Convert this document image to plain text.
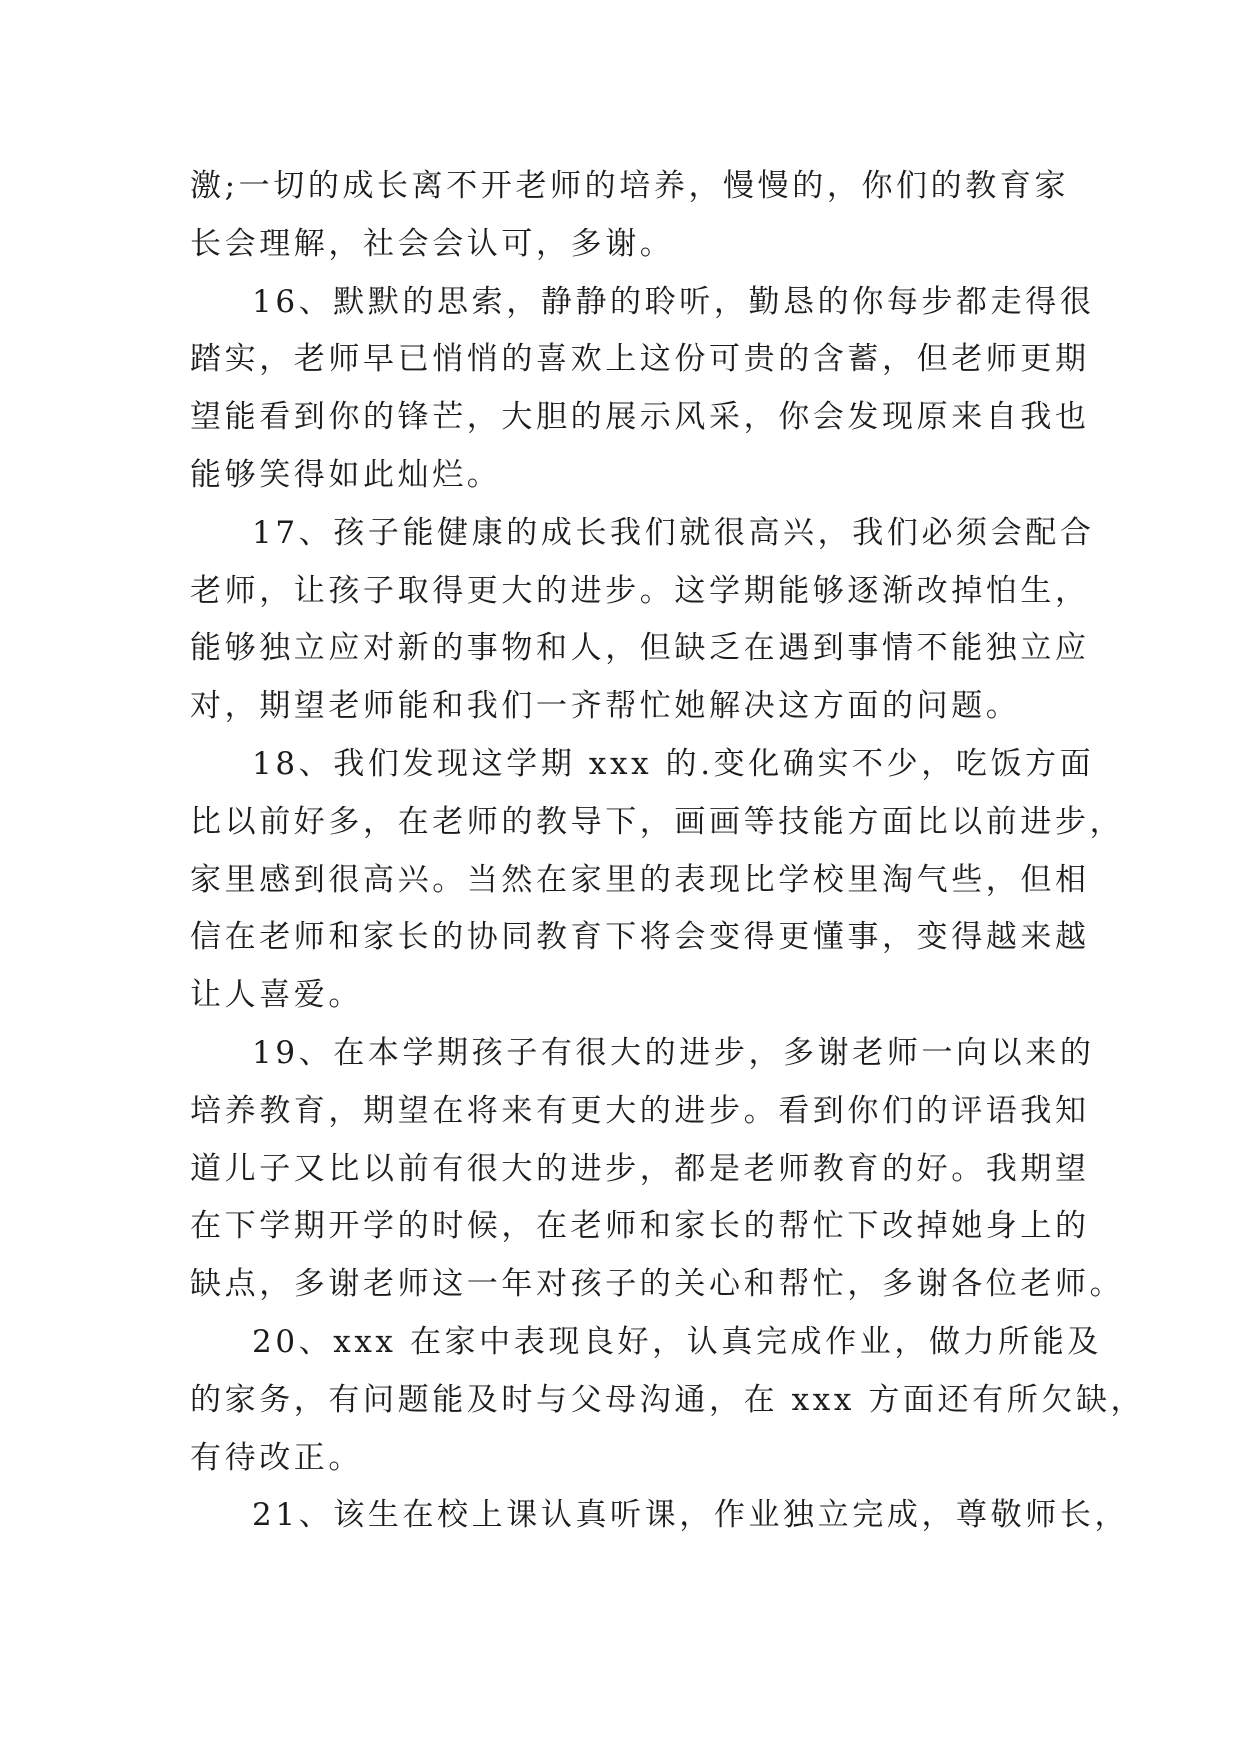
激;一切的成长离不开老师的培养，慢慢的，你们的教育家
长会理解，社会会认可，多谢。
16、默默的思索，静静的聆听，勤恳的你每步都走得很
踏实，老师早已悄悄的喜欢上这份可贵的含蓄，但老师更期
望能看到你的锋芒，大胆的展示风采，你会发现原来自我也
能够笑得如此灿烂。
17、孩子能健康的成长我们就很高兴，我们必须会配合
老师，让孩子取得更大的进步。这学期能够逐渐改掉怕生，
能够独立应对新的事物和人，但缺乏在遇到事情不能独立应
对，期望老师能和我们一齐帮忙她解决这方面的问题。
18、我们发现这学期 xxx 的.变化确实不少，吃饭方面
比以前好多，在老师的教导下，画画等技能方面比以前进步，
家里感到很高兴。当然在家里的表现比学校里淘气些，但相
信在老师和家长的协同教育下将会变得更懂事，变得越来越
让人喜爱。
19、在本学期孩子有很大的进步，多谢老师一向以来的
培养教育，期望在将来有更大的进步。看到你们的评语我知
道儿子又比以前有很大的进步，都是老师教育的好。我期望
在下学期开学的时候，在老师和家长的帮忙下改掉她身上的
缺点，多谢老师这一年对孩子的关心和帮忙，多谢各位老师。
20、xxx 在家中表现良好，认真完成作业，做力所能及
的家务，有问题能及时与父母沟通，在 xxx 方面还有所欠缺，
有待改正。
21、该生在校上课认真听课，作业独立完成，尊敬师长，
